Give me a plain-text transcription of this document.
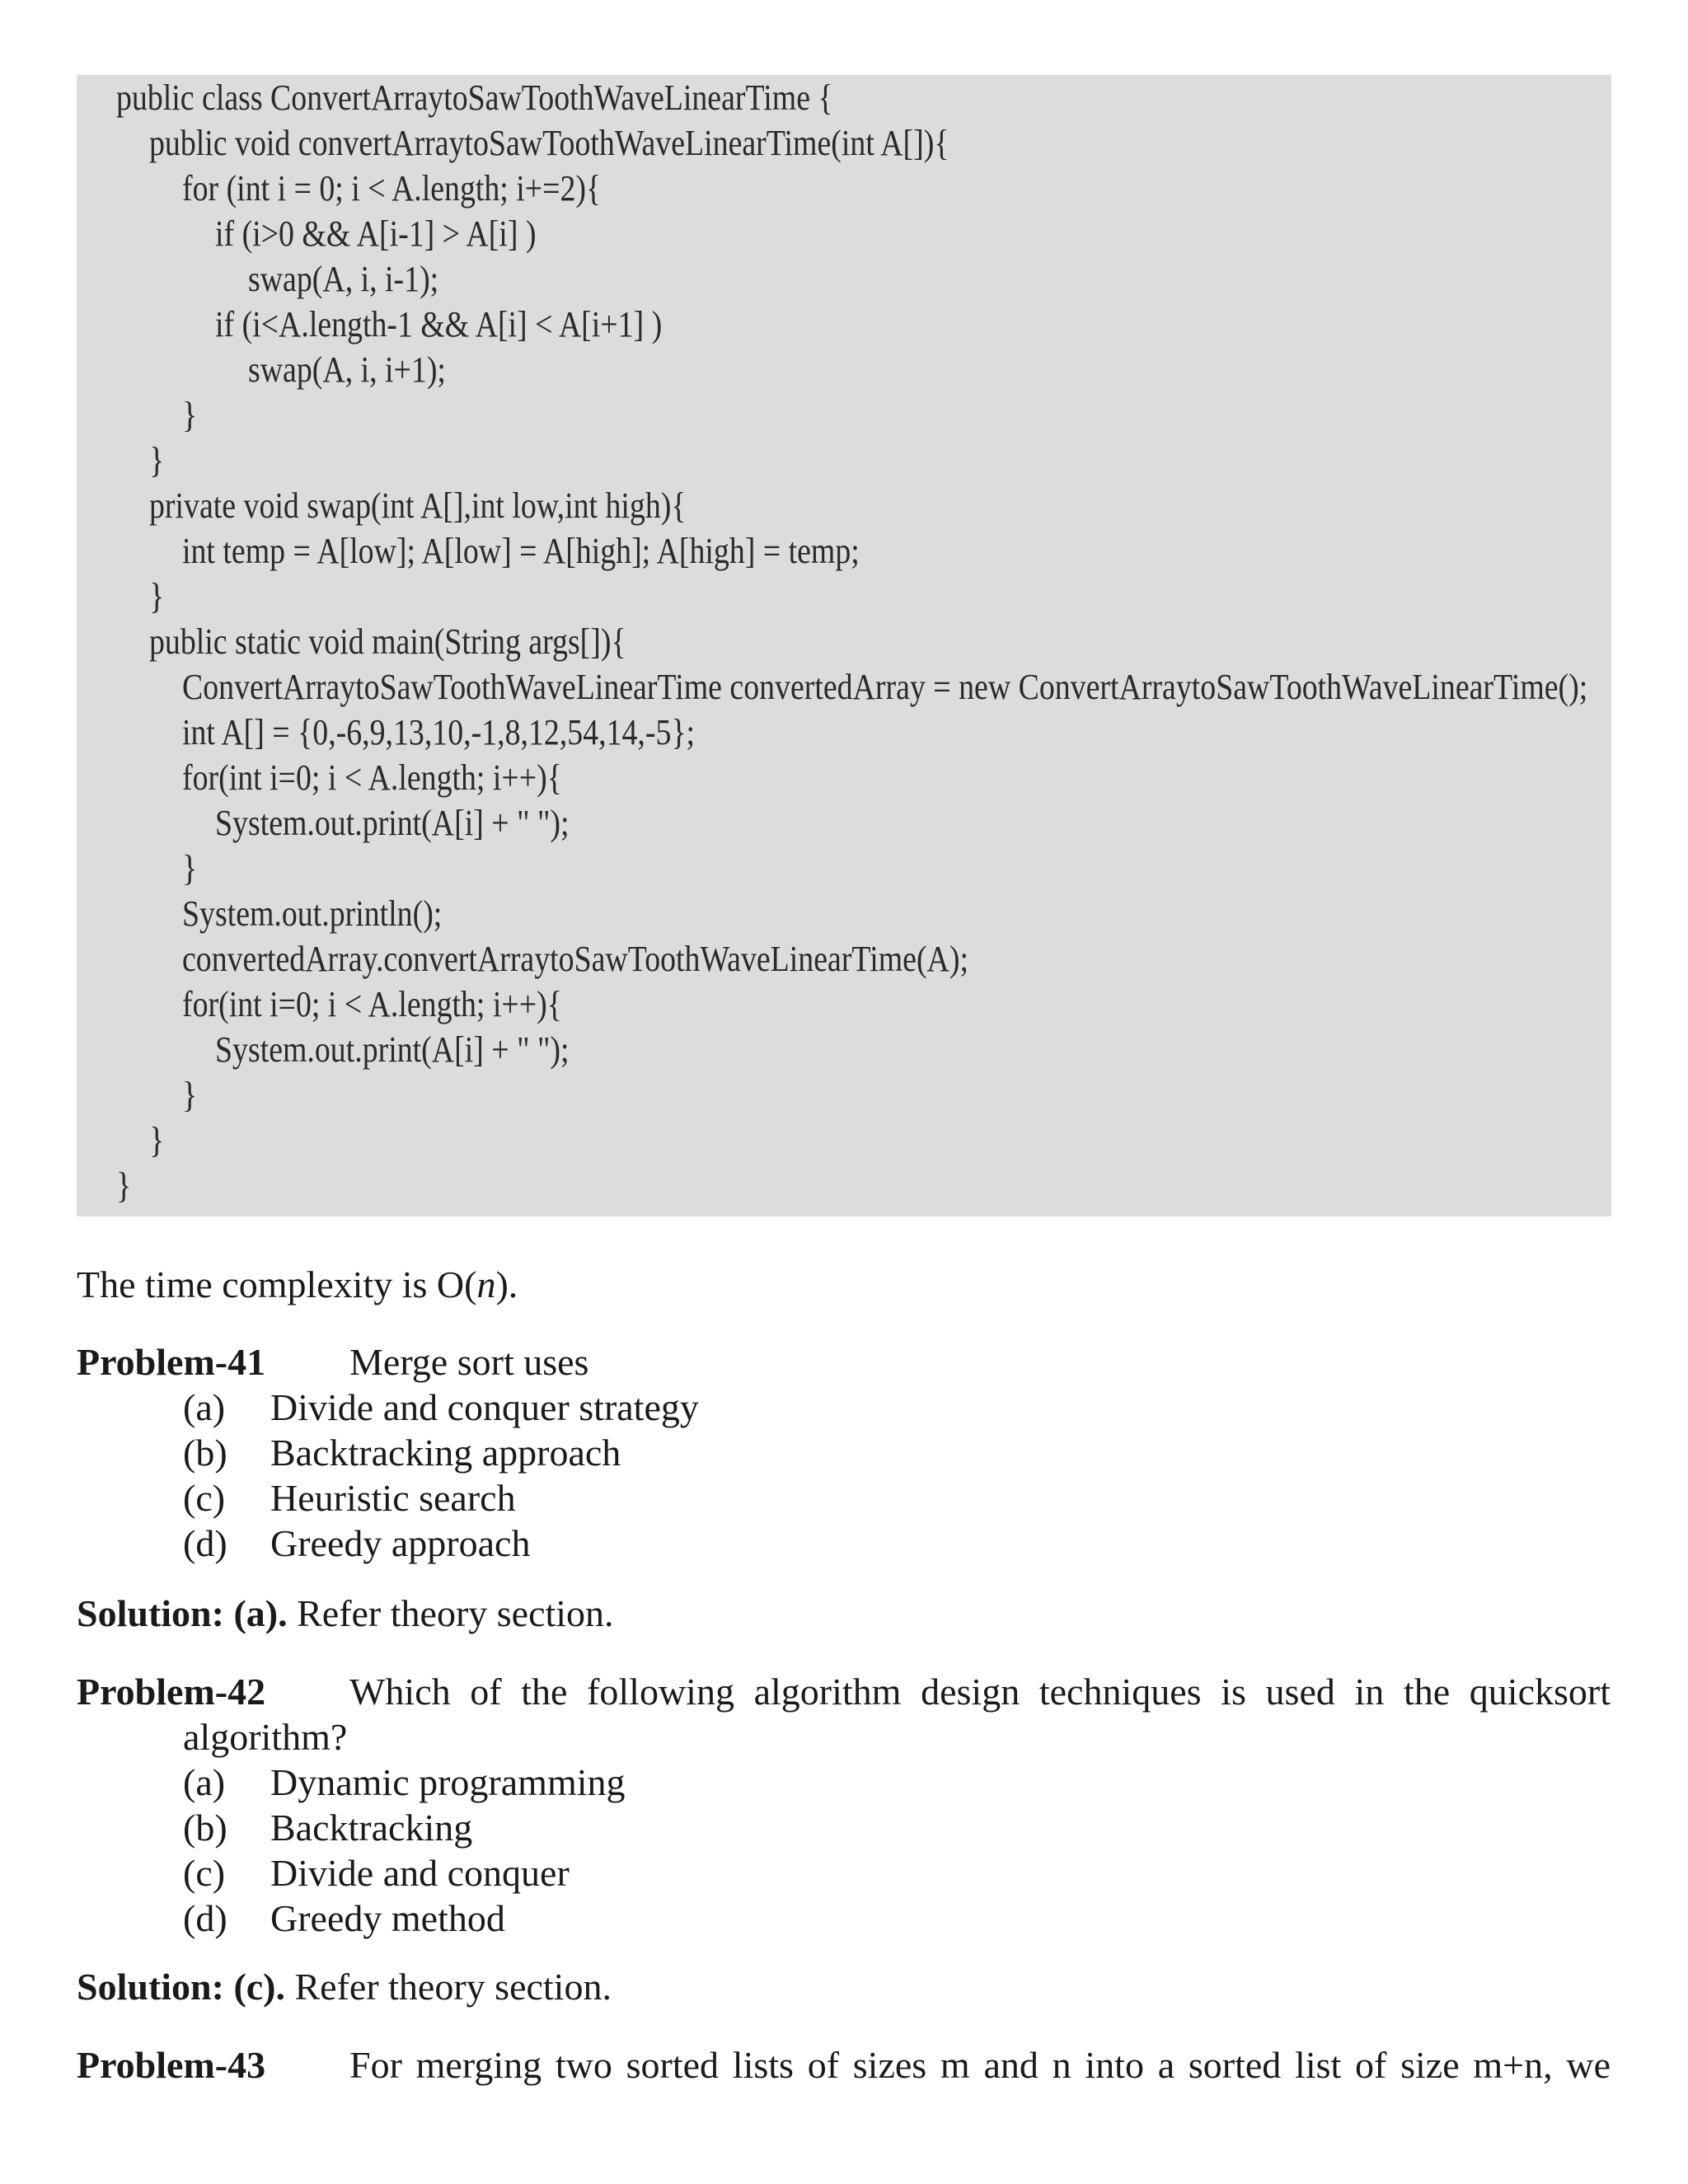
public class ConvertArraytoSawToothWaveLinearTime {
public void convertArraytoSawToothWaveLinearTime(int A[]){
for (int i = 0; i < A.length; i+=2){
if (i>0 && A[i-1] > A[i] )
swap(A, i, i-1);
if (i<A.length-1 && A[i] < A[i+1] )
swap(A, i, i+1);
}
}
private void swap(int A[],int low,int high){
int temp = A[low]; A[low] = A[high]; A[high] = temp;
}
public static void main(String args[]){
ConvertArraytoSawToothWaveLinearTime convertedArray = new ConvertArraytoSawToothWaveLinearTime();
int A[] = {0,-6,9,13,10,-1,8,12,54,14,-5};
for(int i=0; i < A.length; i++){
System.out.print(A[i] + " ");
}
System.out.println();
convertedArray.convertArraytoSawToothWaveLinearTime(A);
for(int i=0; i < A.length; i++){
System.out.print(A[i] + " ");
}
}
}
The time complexity is O(n).
Problem-41 Merge sort uses
(a) Divide and conquer strategy
(b) Backtracking approach
(c) Heuristic search
(d) Greedy approach
Solution: (a). Refer theory section.
Problem-42 Which of the following algorithm design techniques is used in the quicksort
algorithm?
(a) Dynamic programming
(b) Backtracking
(c) Divide and conquer
(d) Greedy method
Solution: (c). Refer theory section.
Problem-43 For merging two sorted lists of sizes m and n into a sorted list of size m+n, we
